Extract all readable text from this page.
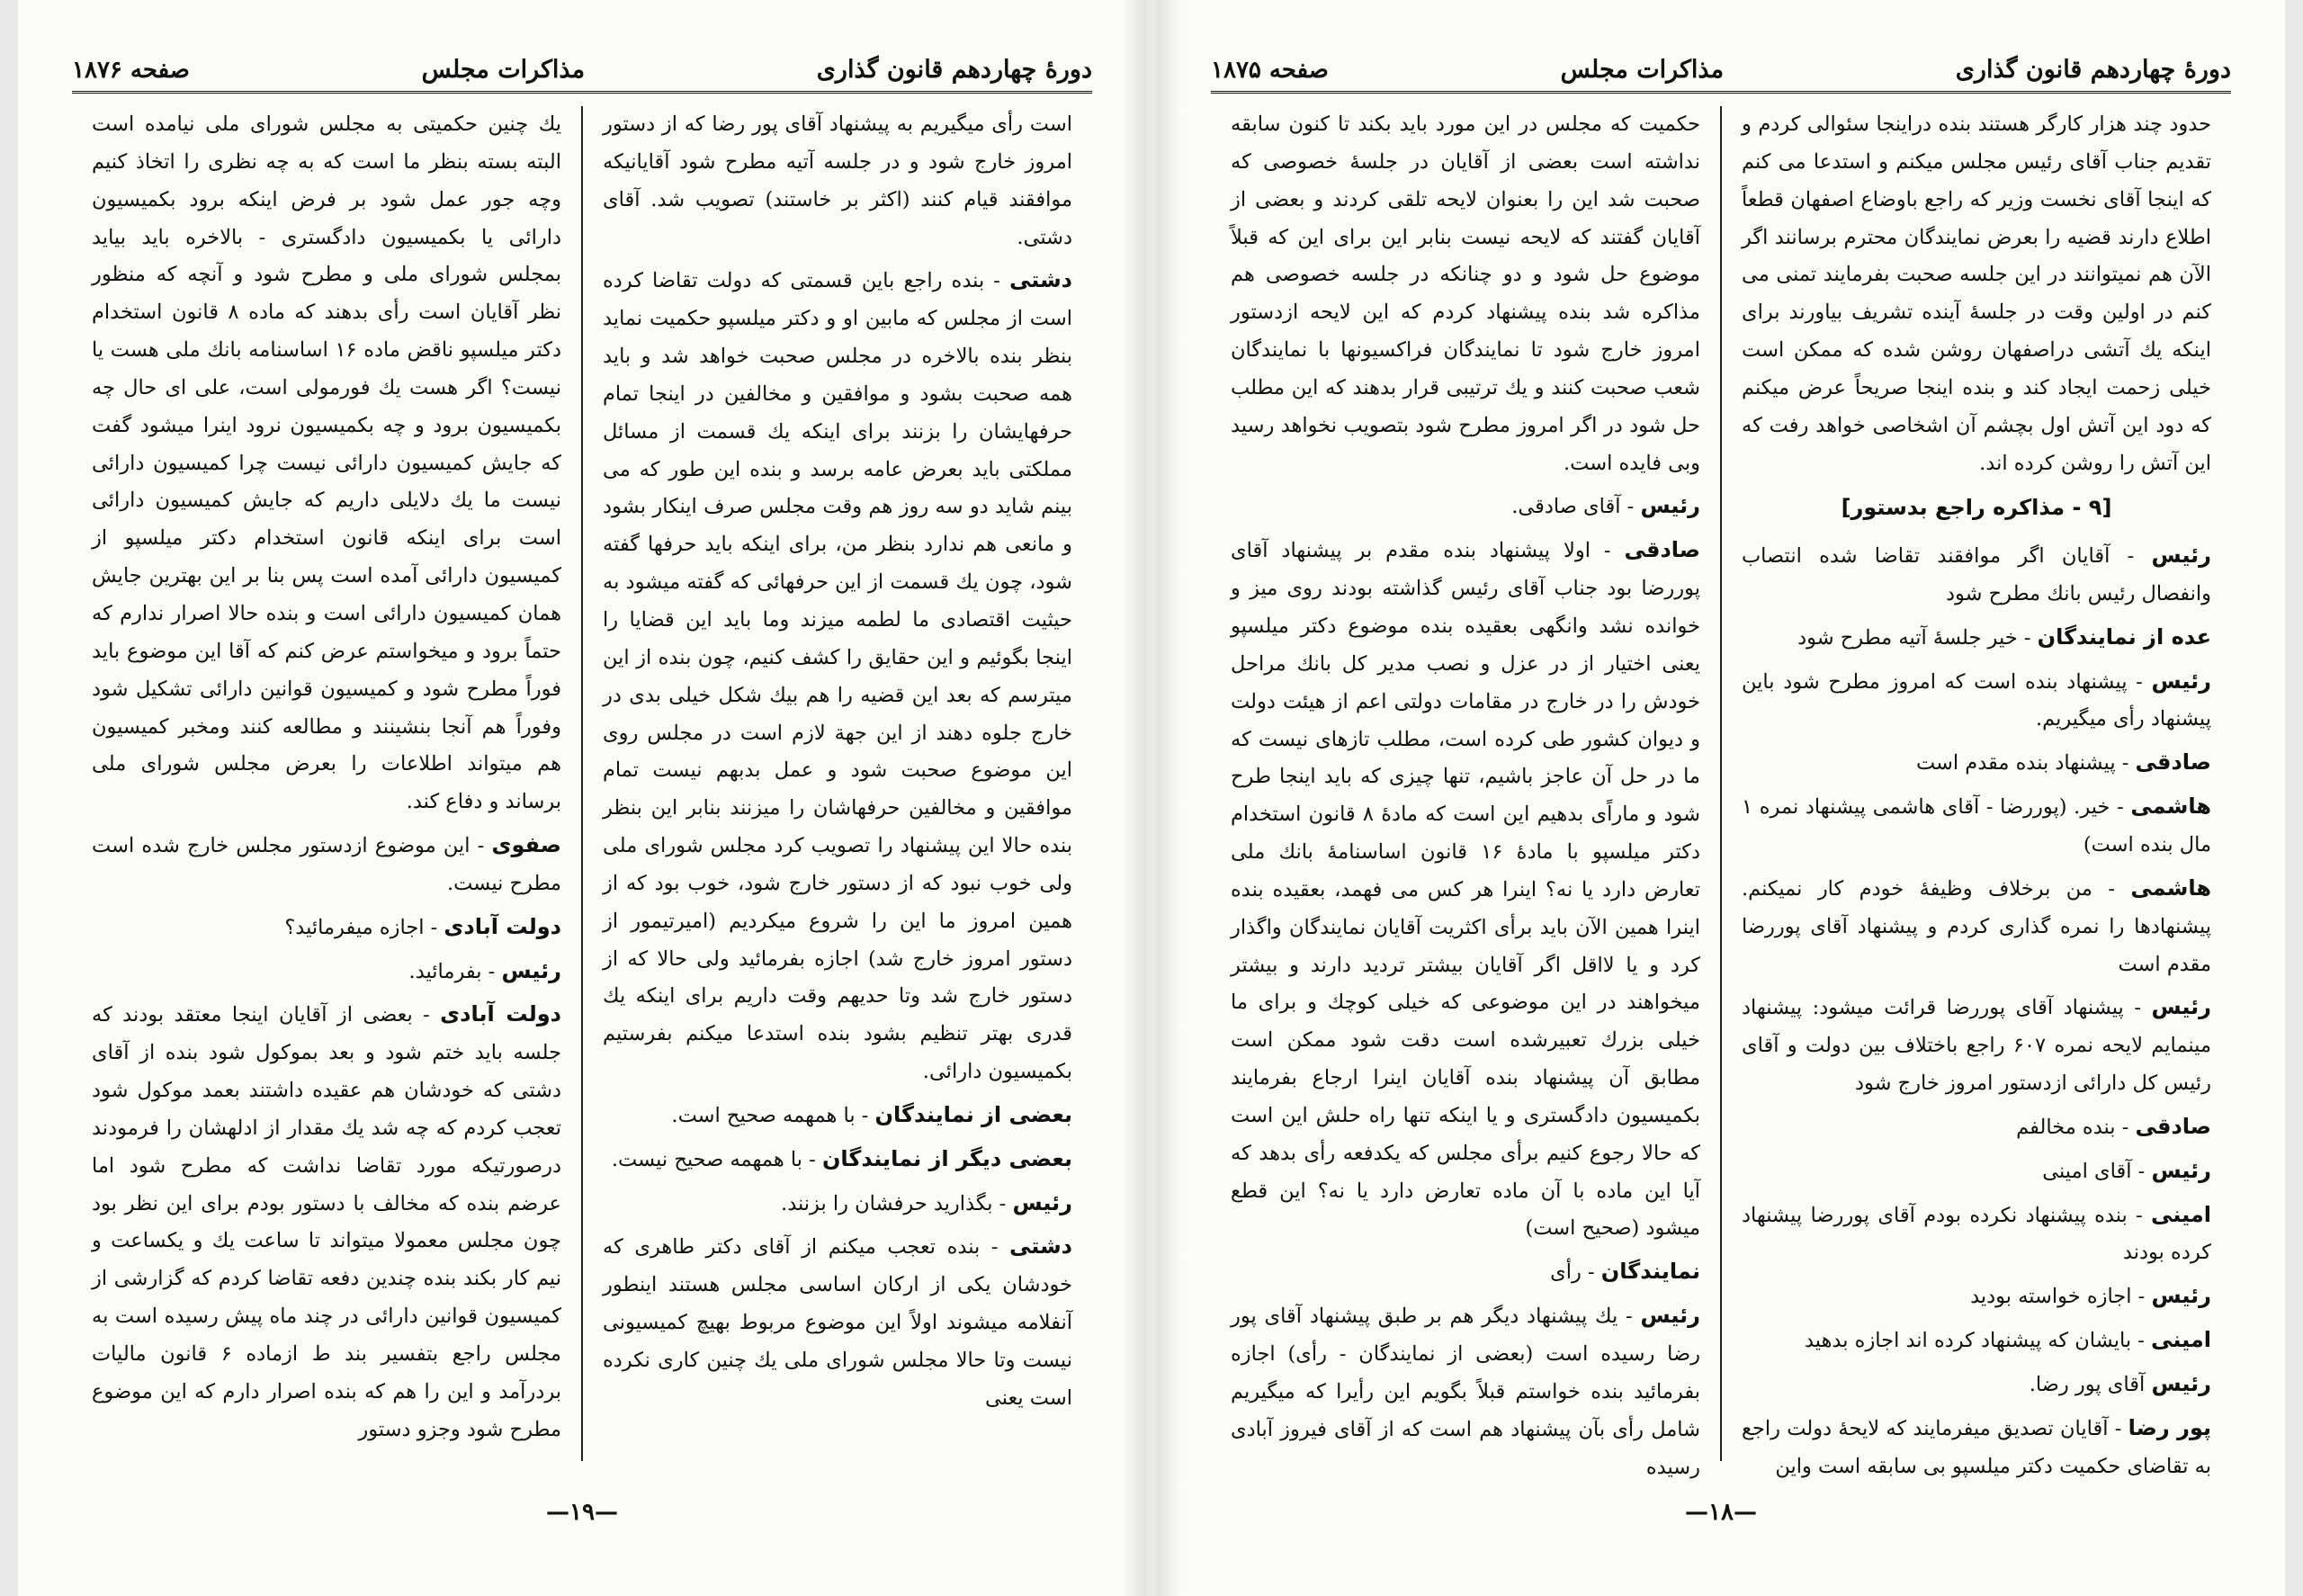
دورهٔ چهاردهم قانون گذاری
مذاکرات مجلس
صفحه ۱۸۷۶

است رأی میگیریم به پیشنهاد آقای پور رضا که از دستور امروز خارج شود و در جلسه آتیه مطرح شود آقایانیکه موافقند قیام کنند (اکثر بر خاستند) تصویب شد. آقای دشتی.

دشتی - بنده راجع باین قسمتی که دولت تقاضا کرده است از مجلس که مابین او و دکتر میلسپو حکمیت نماید بنظر بنده بالاخره در مجلس صحبت خواهد شد و باید همه صحبت بشود و موافقین و مخالفین در اینجا تمام حرفهایشان را بزنند برای اینکه یك قسمت از مسائل مملکتی باید بعرض عامه برسد و بنده این طور که می بینم شاید دو سه روز هم وقت مجلس صرف اینکار بشود و مانعی هم ندارد بنظر من، برای اینکه باید حرفها گفته شود، چون یك قسمت از این حرفهائی که گفته میشود به حیثیت اقتصادی ما لطمه میزند وما باید این قضایا را اینجا بگوئیم و این حقایق را کشف کنیم، چون بنده از این میترسم که بعد این قضیه را هم بیك شکل خیلی بدی در خارج جلوه دهند از این جهة لازم است در مجلس روی این موضوع صحبت شود و عمل بدبهم نیست تمام موافقین و مخالفین حرفهاشان را میزنند بنابر این بنظر بنده حالا این پیشنهاد را تصویب کرد مجلس شورای ملی ولی خوب نبود که از دستور خارج شود، خوب بود که از همین امروز ما این را شروع میکردیم (امیرتیمور از دستور امروز خارج شد) اجازه بفرمائید ولی حالا که از دستور خارج شد وتا حدیهم وقت داریم برای اینکه یك قدری بهتر تنظیم بشود بنده استدعا میکنم بفرستیم بکمیسیون دارائی.

بعضی از نمایندگان - با همهمه صحیح است.

بعضی دیگر از نمایندگان - با همهمه صحیح نیست.

رئیس - بگذارید حرفشان را بزنند.

دشتی - بنده تعجب میکنم از آقای دکتر طاهری که خودشان یکی از ارکان اساسی مجلس هستند اینطور آنفلامه میشوند اولاً این موضوع مربوط بهیچ کمیسیونی نیست وتا حالا مجلس شورای ملی یك چنین کاری نکرده است یعنی

یك چنین حکمیتی به مجلس شورای ملی نیامده است البته بسته بنظر ما است که به چه نظری را اتخاذ کنیم وچه جور عمل شود بر فرض اینکه برود بکمیسیون دارائی یا بکمیسیون دادگستری - بالاخره باید بیاید بمجلس شورای ملی و مطرح شود و آنچه که منظور نظر آقایان است رأی بدهند که ماده ۸ قانون استخدام دکتر میلسپو ناقض ماده ۱۶ اساسنامه بانك ملی هست یا نیست؟ اگر هست یك فورمولی است، علی ای حال چه بکمیسیون برود و چه بکمیسیون نرود اینرا میشود گفت که جایش کمیسیون دارائی نیست چرا کمیسیون دارائی نیست ما یك دلایلی داریم که جایش کمیسیون دارائی است برای اینکه قانون استخدام دکتر میلسپو از کمیسیون دارائی آمده است پس بنا بر این بهترین جایش همان کمیسیون دارائی است و بنده حالا اصرار ندارم که حتماً برود و میخواستم عرض کنم که آقا این موضوع باید فوراً مطرح شود و کمیسیون قوانین دارائی تشکیل شود وفوراً هم آنجا بنشینند و مطالعه کنند ومخبر کمیسیون هم میتواند اطلاعات را بعرض مجلس شورای ملی برساند و دفاع کند.

صفوی - این موضوع ازدستور مجلس خارج شده است مطرح نیست.

دولت آبادی - اجازه میفرمائید؟

رئیس - بفرمائید.

دولت آبادی - بعضی از آقایان اینجا معتقد بودند که جلسه باید ختم شود و بعد بموکول شود بنده از آقای دشتی که خودشان هم عقیده داشتند بعمد موکول شود تعجب کردم که چه شد یك مقدار از ادلهشان را فرمودند درصورتیکه مورد تقاضا نداشت که مطرح شود اما عرضم بنده که مخالف با دستور بودم برای این نظر بود چون مجلس معمولا میتواند تا ساعت یك و یکساعت و نیم کار بکند بنده چندین دفعه تقاضا کردم که گزارشی از کمیسیون قوانین دارائی در چند ماه پیش رسیده است به مجلس راجع بتفسیر بند ط ازماده ۶ قانون مالیات بردرآمد و این را هم که بنده اصرار دارم که این موضوع مطرح شود وجزو دستور

—۱۹—
دورهٔ چهاردهم قانون گذاری
مذاکرات مجلس
صفحه ۱۸۷۵

حدود چند هزار کارگر هستند بنده دراینجا سئوالی کردم و تقدیم جناب آقای رئیس مجلس میکنم و استدعا می کنم که اینجا آقای نخست وزیر که راجع باوضاع اصفهان قطعاً اطلاع دارند قضیه را بعرض نمایندگان محترم برسانند اگر الآن هم نمیتوانند در این جلسه صحبت بفرمایند تمنی می کنم در اولین وقت در جلسهٔ آینده تشریف بیاورند برای اینکه یك آتشی دراصفهان روشن شده که ممکن است خیلی زحمت ایجاد کند و بنده اینجا صریحاً عرض میکنم که دود این آتش اول بچشم آن اشخاصی خواهد رفت که این آتش را روشن کرده اند.

[۹ - مذاکره راجع بدستور]

رئیس - آقایان اگر موافقند تقاضا شده انتصاب وانفصال رئیس بانك مطرح شود

عده از نمایندگان - خیر جلسهٔ آتیه مطرح شود

رئیس - پیشنهاد بنده است که امروز مطرح شود باین پیشنهاد رأی میگیریم.

صادقی - پیشنهاد بنده مقدم است

هاشمی - خیر. (پوررضا - آقای هاشمی پیشنهاد نمره ۱ مال بنده است)

هاشمی - من برخلاف وظیفهٔ خودم کار نمیکنم. پیشنهادها را نمره گذاری کردم و پیشنهاد آقای پوررضا مقدم است

رئیس - پیشنهاد آقای پوررضا قرائت میشود: پیشنهاد مینمایم لایحه نمره ۶۰۷ راجع باختلاف بین دولت و آقای رئیس کل دارائی ازدستور امروز خارج شود

صادقی - بنده مخالفم

رئیس - آقای امینی

امینی - بنده پیشنهاد نکرده بودم آقای پوررضا پیشنهاد کرده بودند

رئیس - اجازه خواسته بودید

امینی - بایشان که پیشنهاد کرده اند اجازه بدهید

رئیس آقای پور رضا.

پور رضا - آقایان تصدیق میفرمایند که لایحهٔ دولت راجع به تقاضای حکمیت دکتر میلسپو بی سابقه است واین

حکمیت که مجلس در این مورد باید بکند تا کنون سابقه نداشته است بعضی از آقایان در جلسهٔ خصوصی که صحبت شد این را بعنوان لایحه تلقی کردند و بعضی از آقایان گفتند که لایحه نیست بنابر این برای این که قبلاً موضوع حل شود و دو چنانکه در جلسه خصوصی هم مذاکره شد بنده پیشنهاد کردم که این لایحه ازدستور امروز خارج شود تا نمایندگان فراکسیونها با نمایندگان شعب صحبت کنند و یك ترتیبی قرار بدهند که این مطلب حل شود در اگر امروز مطرح شود بتصویب نخواهد رسید وبی فایده است.

رئیس - آقای صادقی.

صادقی - اولا پیشنهاد بنده مقدم بر پیشنهاد آقای پوررضا بود جناب آقای رئیس گذاشته بودند روی میز و خوانده نشد وانگهی بعقیده بنده موضوع دکتر میلسپو یعنی اختیار از در عزل و نصب مدیر کل بانك مراحل خودش را در خارج در مقامات دولتی اعم از هیئت دولت و دیوان کشور طی کرده است، مطلب تازهای نیست که ما در حل آن عاجز باشیم، تنها چیزی که باید اینجا طرح شود و ماراًی بدهیم این است که مادهٔ ۸ قانون استخدام دکتر میلسپو با مادهٔ ۱۶ قانون اساسنامهٔ بانك ملی تعارض دارد یا نه؟ اینرا هر کس می فهمد، بعقیده بنده اینرا همین الآن باید برأی اکثریت آقایان نمایندگان واگذار کرد و یا لااقل اگر آقایان بیشتر تردید دارند و بیشتر میخواهند در این موضوعی که خیلی کوچك و برای ما خیلی بزرك تعبیرشده است دقت شود ممکن است مطابق آن پیشنهاد بنده آقایان اینرا ارجاع بفرمایند بکمیسیون دادگستری و یا اینکه تنها راه حلش این است که حالا رجوع کنیم برأی مجلس که یکدفعه رأی بدهد که آیا این ماده با آن ماده تعارض دارد یا نه؟ این قطع میشود (صحیح است)

نمایندگان - رأی

رئیس - یك پیشنهاد دیگر هم بر طبق پیشنهاد آقای پور رضا رسیده است (بعضی از نمایندگان - رأی) اجازه بفرمائید بنده خواستم قبلاً بگویم این رأیرا که میگیریم شامل رأی بآن پیشنهاد هم است که از آقای فیروز آبادی رسیده

—۱۸—
